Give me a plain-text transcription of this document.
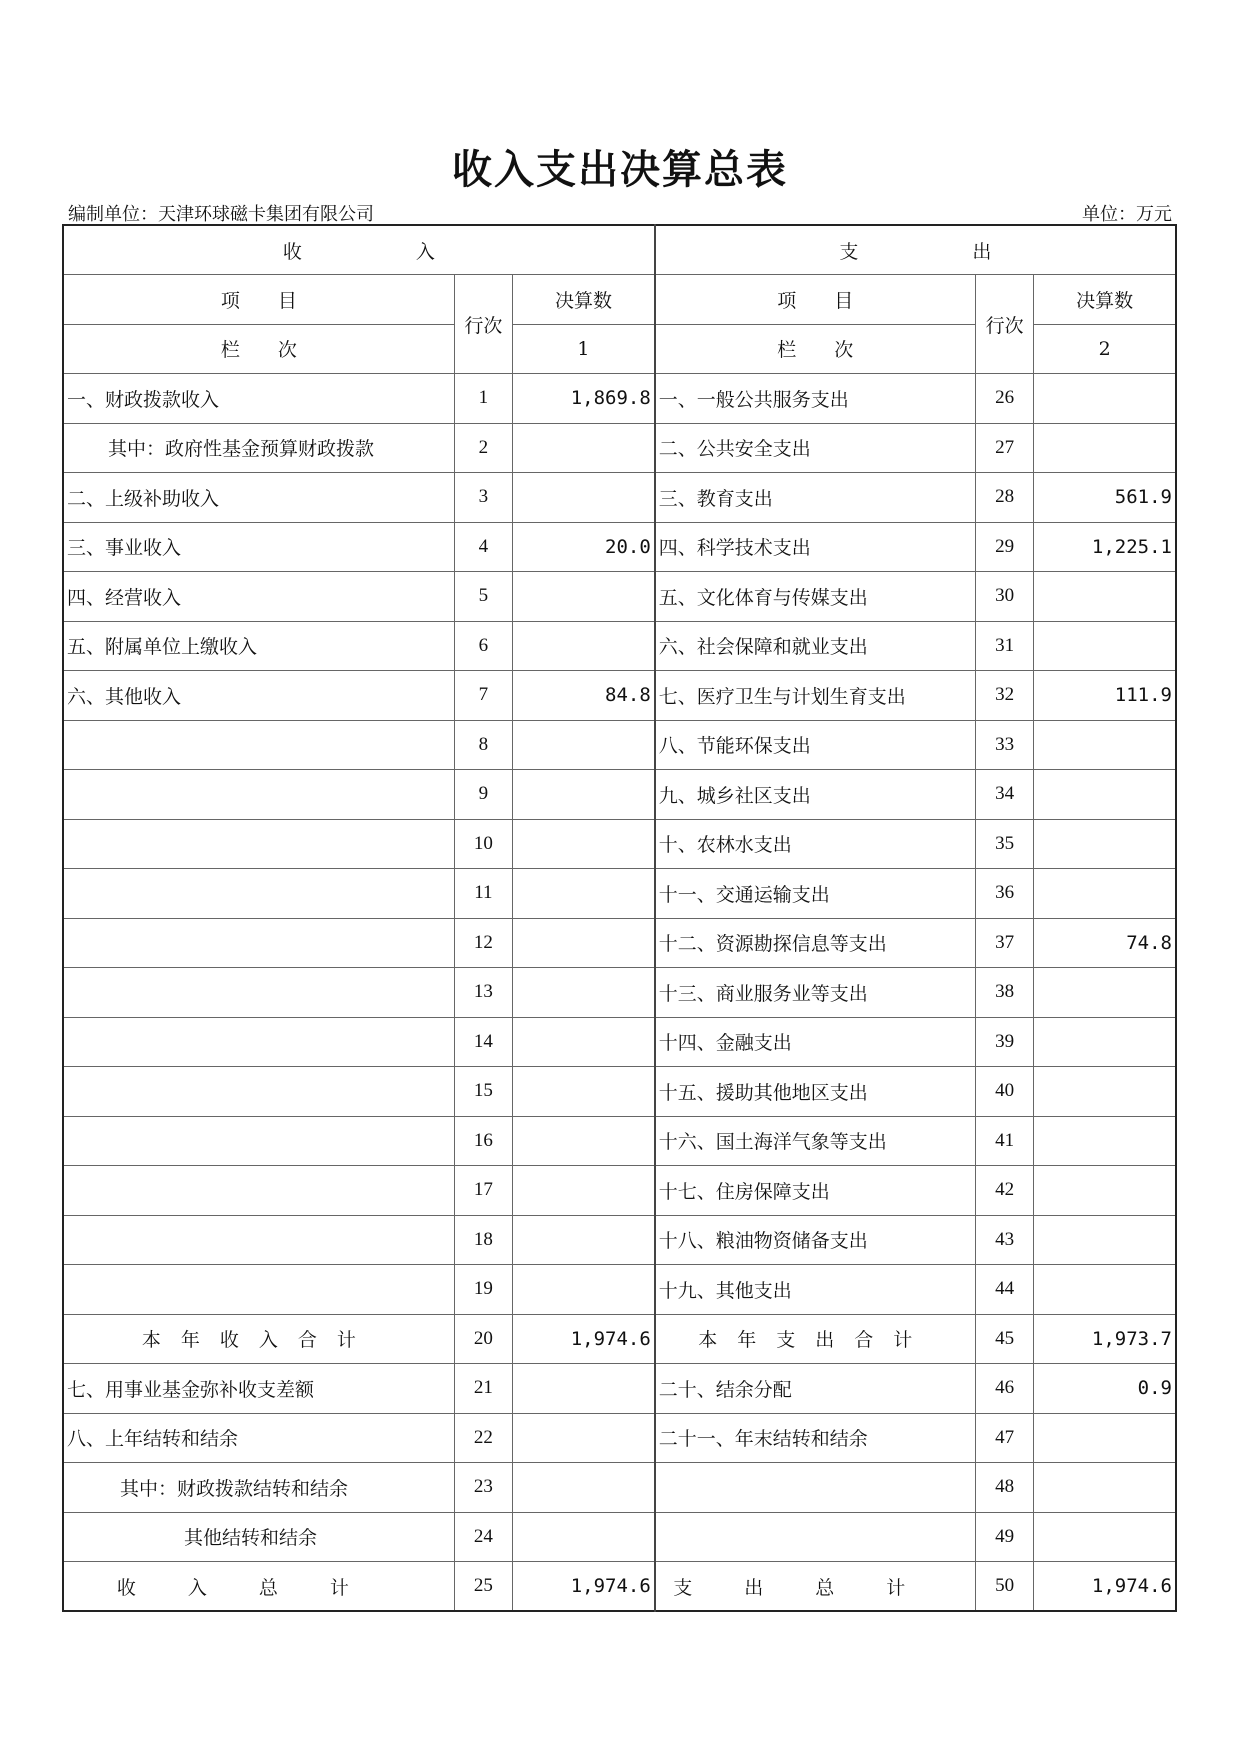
收入支出决算总表
编制单位：天津环球磁卡集团有限公司	单位：万元
收　　　　　　入			支　　　　　　出		
项　　目	行次	决算数	项　　目	行次	决算数
栏　　次		1	栏　　次		2
一、财政拨款收入	1	1,869.8	一、一般公共服务支出	26	
其中：政府性基金预算财政拨款	2		二、公共安全支出	27	
二、上级补助收入	3		三、教育支出	28	561.9
三、事业收入	4	20.0	四、科学技术支出	29	1,225.1
四、经营收入	5		五、文化体育与传媒支出	30	
五、附属单位上缴收入	6		六、社会保障和就业支出	31	
六、其他收入	7	84.8	七、医疗卫生与计划生育支出	32	111.9
	8		八、节能环保支出	33	
	9		九、城乡社区支出	34	
	10		十、农林水支出	35	
	11		十一、交通运输支出	36	
	12		十二、资源勘探信息等支出	37	74.8
	13		十三、商业服务业等支出	38	
	14		十四、金融支出	39	
	15		十五、援助其他地区支出	40	
	16		十六、国土海洋气象等支出	41	
	17		十七、住房保障支出	42	
	18		十八、粮油物资储备支出	43	
	19		十九、其他支出	44	
本年收入合计	20	1,974.6	本年支出合计	45	1,973.7
七、用事业基金弥补收支差额	21		二十、结余分配	46	0.9
八、上年结转和结余	22		二十一、年末结转和结余	47	
其中：财政拨款结转和结余	23			48	
其他结转和结余	24			49	
收入总计	25	1,974.6	支出总计	50	1,974.6
